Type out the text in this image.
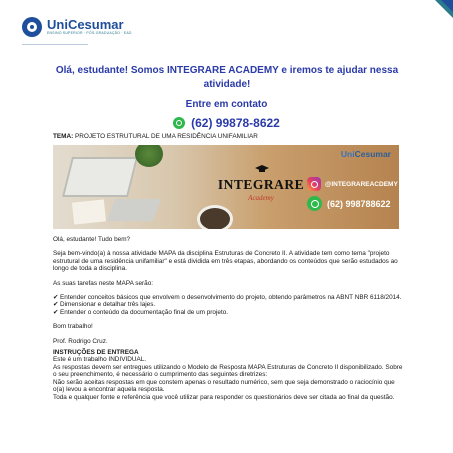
UniCesumar
ENSINO SUPERIOR · PÓS-GRADUAÇÃO · EAD
Olá, estudante! Somos INTEGRARE ACADEMY e iremos te ajudar nessa atividade!
Entre em contato
(62) 99878-8622
TEMA: PROJETO ESTRUTURAL DE UMA RESIDÊNCIA UNIFAMILIAR
Uni Cesumar
INTEGRARE
Academy
@INTEGRAREACDEMY
(62) 998788622

Olá, estudante! Tudo bem?

Seja bem-vindo(a) à nossa atividade MAPA da disciplina Estruturas de Concreto II. A atividade tem como tema "projeto estrutural de uma residência unifamiliar" e está dividida em três etapas, abordando os conteúdos que serão estudados ao longo de toda a disciplina.

As suas tarefas neste MAPA serão:

✔ Entender conceitos básicos que envolvem o desenvolvimento do projeto, obtendo parâmetros na ABNT NBR 6118/2014.

✔ Dimensionar e detalhar três lajes.

✔ Entender o conteúdo da documentação final de um projeto.

Bom trabalho!

Prof. Rodrigo Cruz.

INSTRUÇÕES DE ENTREGA

Este é um trabalho INDIVIDUAL.

As respostas devem ser entregues utilizando o Modelo de Resposta MAPA Estruturas de Concreto II disponibilizado. Sobre o seu preenchimento, é necessário o cumprimento das seguintes diretrizes:

Não serão aceitas respostas em que constem apenas o resultado numérico, sem que seja demonstrado o raciocínio que o(a) levou a encontrar aquela resposta.

Toda e qualquer fonte e referência que você utilizar para responder os questionários deve ser citada ao final da questão.
